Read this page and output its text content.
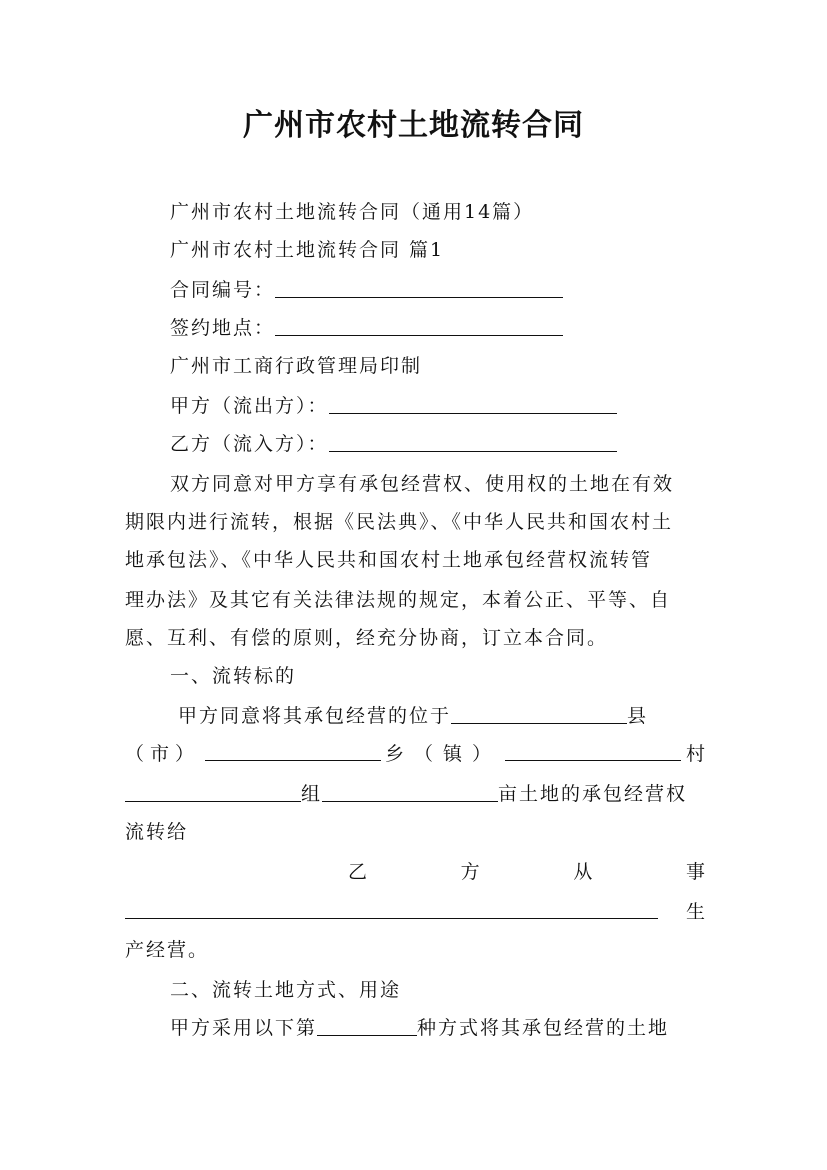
广州市农村土地流转合同
广州市农村土地流转合同（通用14篇）
广州市农村土地流转合同 篇1
合同编号：
签约地点：
广州市工商行政管理局印制
甲方（流出方）：
乙方（流入方）：
双方同意对甲方享有承包经营权、使用权的土地在有效
期限内进行流转，根据《民法典》、《中华人民共和国农村土
地承包法》、《中华人民共和国农村土地承包经营权流转管
理办法》及其它有关法律法规的规定，本着公正、平等、自
愿、互利、有偿的原则，经充分协商，订立本合同。
一、流转标的
甲方同意将其承包经营的位于	县
（市）	乡（镇）	村
组	亩土地的承包经营权
流转给
乙	方	从	事
生
产经营。
二、流转土地方式、用途
甲方采用以下第	种方式将其承包经营的土地
